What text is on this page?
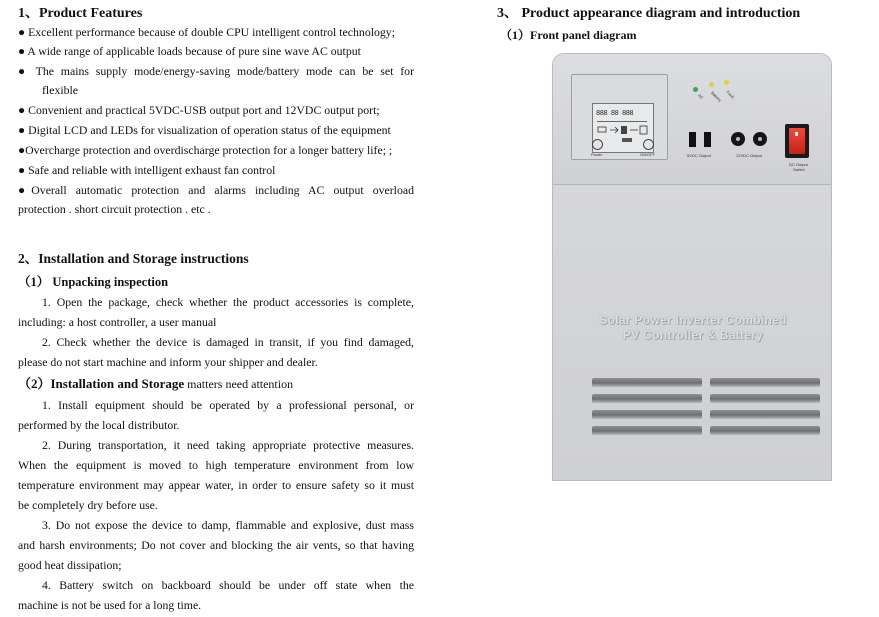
1、Product Features
● Excellent performance because of double CPU intelligent control technology;
● A wide range of applicable loads because of pure sine wave AC output
● The mains supply mode/energy-saving mode/battery mode can be set for
flexible
● Convenient and practical 5VDC-USB output port and 12VDC output port;
● Digital LCD and LEDs for visualization of operation status of the equipment
●Overcharge protection and overdischarge protection for a longer battery life; ;
● Safe and reliable with intelligent exhaust fan control
●Overall automatic protection and alarms including AC output overload
protection . short circuit protection . etc .
2、Installation and Storage instructions
（1） Unpacking inspection
1. Open the package, check whether the product accessories is complete,
including: a host controller, a user manual
2. Check whether the device is damaged in transit, if you find damaged,
please do not start machine and inform your shipper and dealer.
（2）Installation and Storage matters need attention
1. Install equipment should be operated by a professional personal, or
performed by the local distributor.
2. During transportation, it need taking appropriate protective measures.
When the equipment is moved to high temperature environment from low
temperature environment may appear water, in order to ensure safety so it must
be completely dry before use.
3. Do not expose the device to damp, flammable and explosive, dust mass
and harsh environments; Do not cover and blocking the air vents, so that having
good heat dissipation;
4. Battery switch on backboard should be under off state when the
machine is not be used for a long time.
3、 Product appearance diagram and introduction
（1）Front panel diagram
888 88 888
Power	ON/OFF
AC Battery Fault
5VDC Output	12VDC Output
DC Output
Switch
Solar Power Inverter Combined
PV Controller & Battery
